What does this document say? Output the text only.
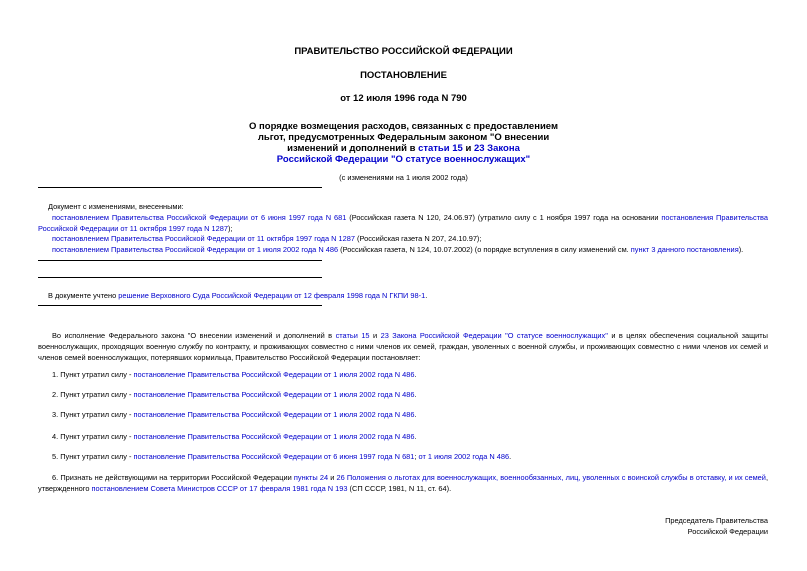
ПРАВИТЕЛЬСТВО РОССИЙСКОЙ ФЕДЕРАЦИИ
ПОСТАНОВЛЕНИЕ
от 12 июля 1996 года N 790
О порядке возмещения расходов, связанных с предоставлением
льгот, предусмотренных Федеральным законом "О внесении
изменений и дополнений в статьи 15 и 23 Закона
Российской Федерации "О статусе военнослужащих"
(с изменениями на 1 июля 2002 года)
Документ с изменениями, внесенными:

постановлением Правительства Российской Федерации от 6 июня 1997 года N 681 (Российская газета N 120, 24.06.97) (утратило силу с 1 ноября 1997 года на основании постановления Правительства Российской Федерации от 11 октября 1997 года N 1287);

постановлением Правительства Российской Федерации от 11 октября 1997 года N 1287 (Российская газета N 207, 24.10.97);
постановлением Правительства Российской Федерации от 1 июля 2002 года N 486 (Российская газета, N 124, 10.07.2002) (о порядке вступления в силу изменений см. пункт 3 данного постановления).
В документе учтено решение Верховного Суда Российской Федерации от 12 февраля 1998 года N ГКПИ 98-1.

Во исполнение Федерального закона "О внесении изменений и дополнений в статьи 15 и 23 Закона Российской Федерации "О статусе военнослужащих" и в целях обеспечения социальной защиты военнослужащих, проходящих военную службу по контракту, и проживающих совместно с ними членов их семей, граждан, уволенных с военной службы, и проживающих совместно с ними членов их семей и членов семей военнослужащих, потерявших кормильца, Правительство Российской Федерации постановляет:

1. Пункт утратил силу - постановление Правительства Российской Федерации от 1 июля 2002 года N 486.
2. Пункт утратил силу - постановление Правительства Российской Федерации от 1 июля 2002 года N 486.
3. Пункт утратил силу - постановление Правительства Российской Федерации от 1 июля 2002 года N 486.
4. Пункт утратил силу - постановление Правительства Российской Федерации от 1 июля 2002 года N 486.
5. Пункт утратил силу - постановление Правительства Российской Федерации от 6 июня 1997 года N 681; от 1 июля 2002 года N 486.

6. Признать не действующими на территории Российской Федерации пункты 24 и 26 Положения о льготах для военнослужащих, военнообязанных, лиц, уволенных с воинской службы в отставку, и их семей, утвержденного постановлением Совета Министров СССР от 17 февраля 1981 года N 193 (СП СССР, 1981, N 11, ст. 64).

Председатель Правительства
Российской Федерации
